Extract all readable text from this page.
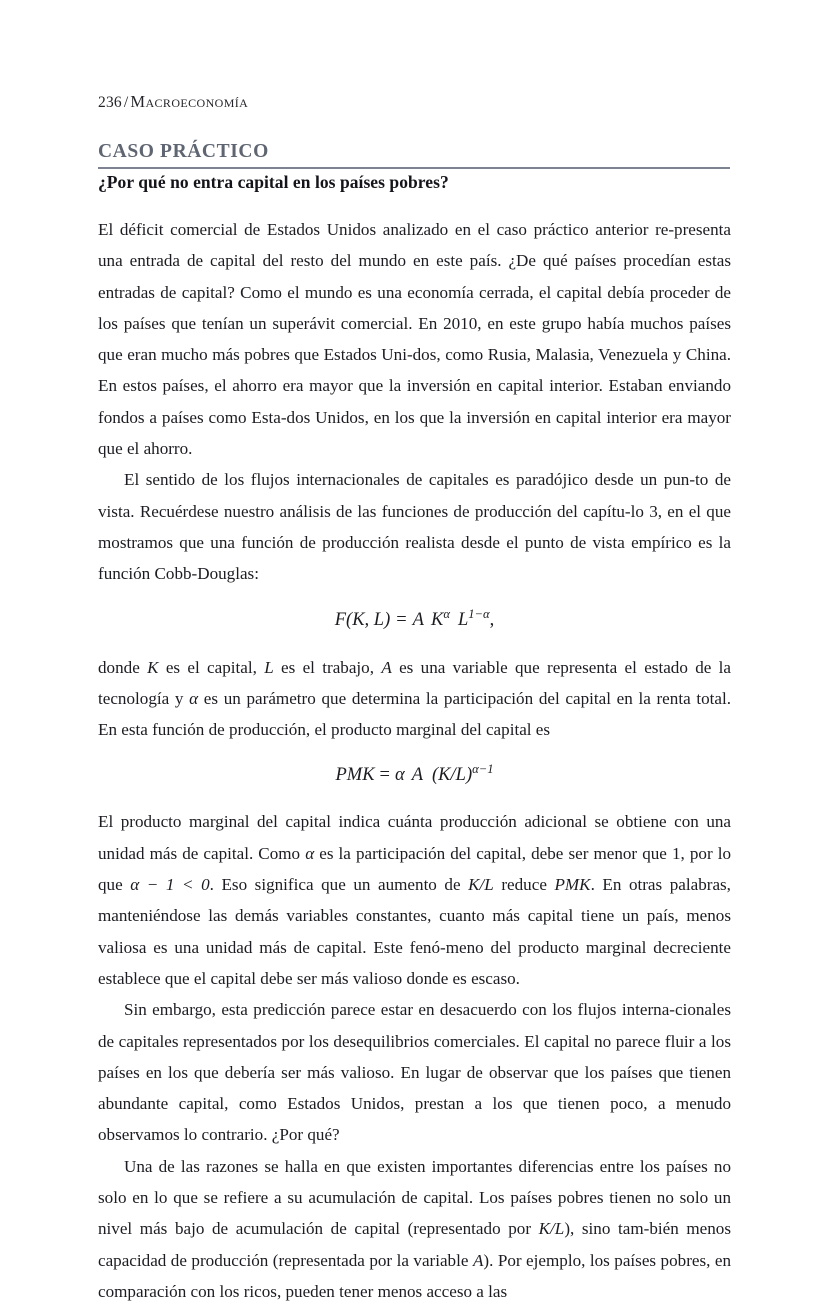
236 / Macroeconomía
CASO PRÁCTICO
¿Por qué no entra capital en los países pobres?

El déficit comercial de Estados Unidos analizado en el caso práctico anterior re-presenta una entrada de capital del resto del mundo en este país. ¿De qué países procedían estas entradas de capital? Como el mundo es una economía cerrada, el capital debía proceder de los países que tenían un superávit comercial. En 2010, en este grupo había muchos países que eran mucho más pobres que Estados Uni-dos, como Rusia, Malasia, Venezuela y China. En estos países, el ahorro era mayor que la inversión en capital interior. Estaban enviando fondos a países como Esta-dos Unidos, en los que la inversión en capital interior era mayor que el ahorro.

El sentido de los flujos internacionales de capitales es paradójico desde un pun-to de vista. Recuérdese nuestro análisis de las funciones de producción del capítu-lo 3, en el que mostramos que una función de producción realista desde el punto de vista empírico es la función Cobb-Douglas:

F(K, L) = A $K^\alpha$ $L^{1-\alpha}$,

donde K es el capital, L es el trabajo, A es una variable que representa el estado de la tecnología y α es un parámetro que determina la participación del capital en la renta total. En esta función de producción, el producto marginal del capital es

PMK = α A $(K/L)^{\alpha-1}$

El producto marginal del capital indica cuánta producción adicional se obtiene con una unidad más de capital. Como α es la participación del capital, debe ser menor que 1, por lo que α − 1 < 0. Eso significa que un aumento de K/L reduce PMK. En otras palabras, manteniéndose las demás variables constantes, cuanto más capital tiene un país, menos valiosa es una unidad más de capital. Este fenó-meno del producto marginal decreciente establece que el capital debe ser más valioso donde es escaso.

Sin embargo, esta predicción parece estar en desacuerdo con los flujos interna-cionales de capitales representados por los desequilibrios comerciales. El capital no parece fluir a los países en los que debería ser más valioso. En lugar de observar que los países que tienen abundante capital, como Estados Unidos, prestan a los que tienen poco, a menudo observamos lo contrario. ¿Por qué?

Una de las razones se halla en que existen importantes diferencias entre los países no solo en lo que se refiere a su acumulación de capital. Los países pobres tienen no solo un nivel más bajo de acumulación de capital (representado por K/L), sino tam-bién menos capacidad de producción (representada por la variable A). Por ejemplo, los países pobres, en comparación con los ricos, pueden tener menos acceso a las
